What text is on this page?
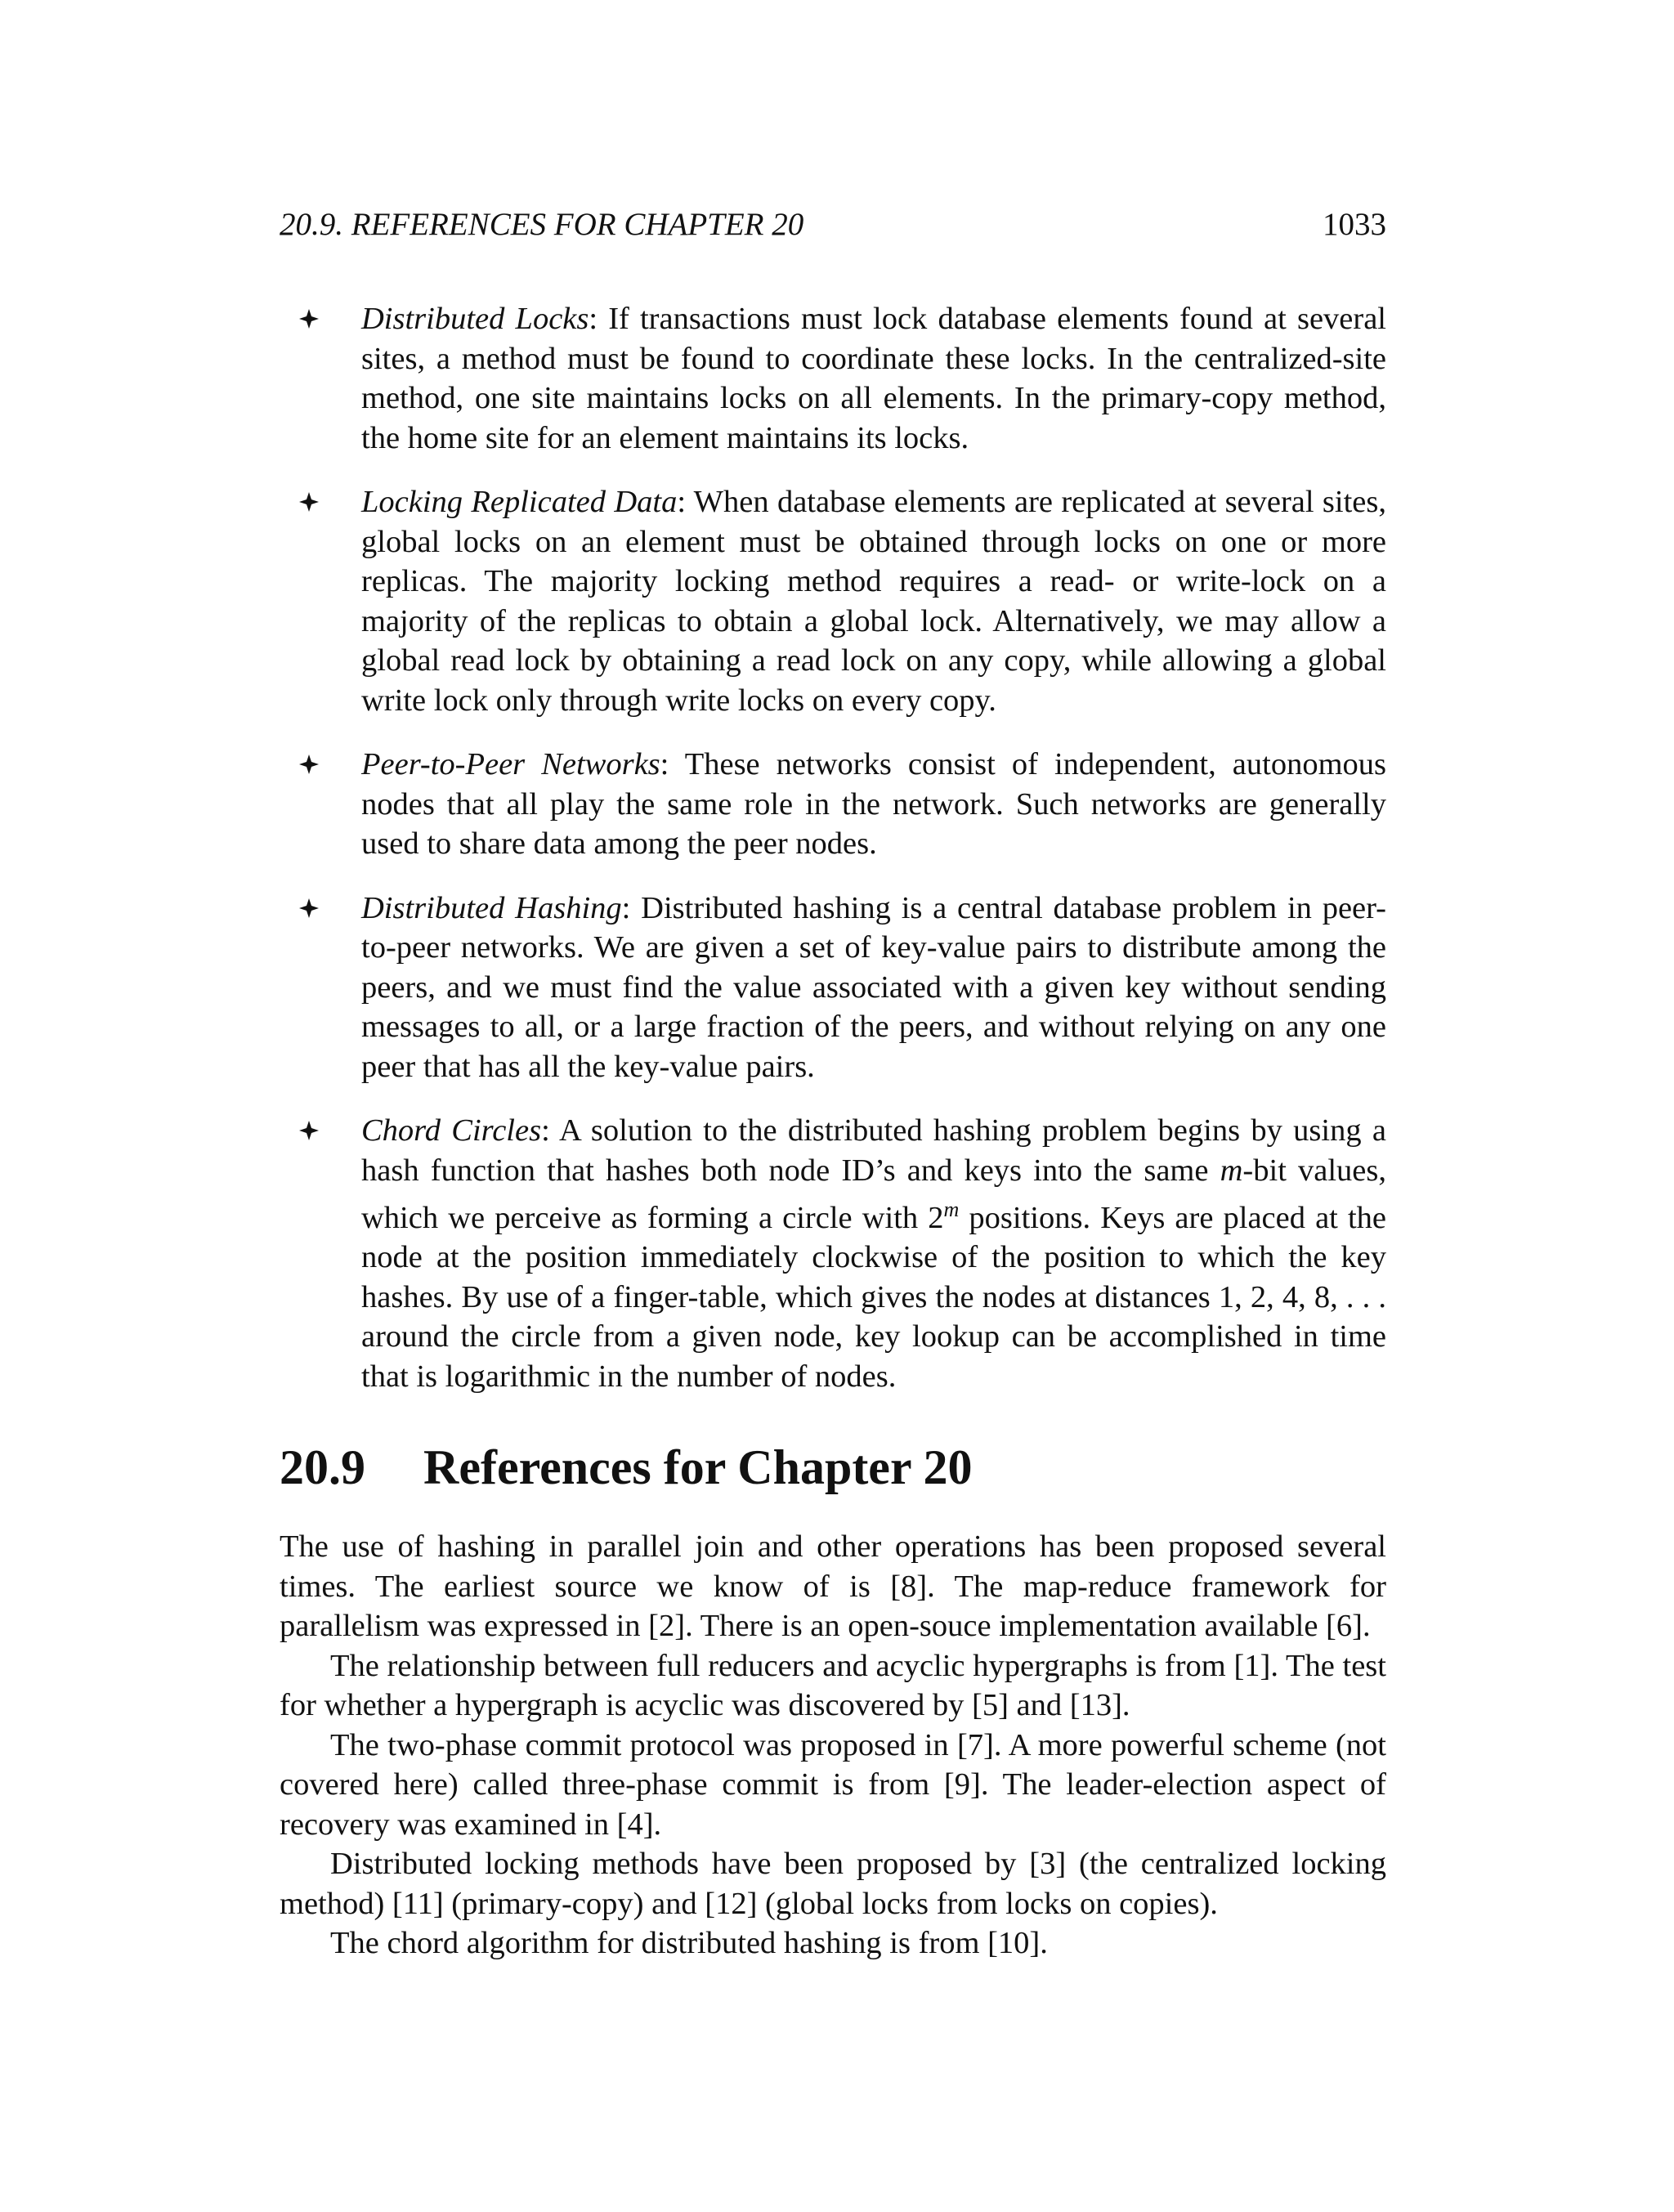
20.9. REFERENCES FOR CHAPTER 20	1033
Distributed Locks: If transactions must lock database elements found at several sites, a method must be found to coordinate these locks. In the centralized-site method, one site maintains locks on all elements. In the primary-copy method, the home site for an element maintains its locks.
Locking Replicated Data: When database elements are replicated at several sites, global locks on an element must be obtained through locks on one or more replicas. The majority locking method requires a read- or write-lock on a majority of the replicas to obtain a global lock. Alternatively, we may allow a global read lock by obtaining a read lock on any copy, while allowing a global write lock only through write locks on every copy.
Peer-to-Peer Networks: These networks consist of independent, autonomous nodes that all play the same role in the network. Such networks are generally used to share data among the peer nodes.
Distributed Hashing: Distributed hashing is a central database problem in peer-to-peer networks. We are given a set of key-value pairs to distribute among the peers, and we must find the value associated with a given key without sending messages to all, or a large fraction of the peers, and without relying on any one peer that has all the key-value pairs.
Chord Circles: A solution to the distributed hashing problem begins by using a hash function that hashes both node ID’s and keys into the same m-bit values, which we perceive as forming a circle with 2$^m$ positions. Keys are placed at the node at the position immediately clockwise of the position to which the key hashes. By use of a finger-table, which gives the nodes at distances 1, 2, 4, 8, . . . around the circle from a given node, key lookup can be accomplished in time that is logarithmic in the number of nodes.
20.9	References for Chapter 20

The use of hashing in parallel join and other operations has been proposed several times. The earliest source we know of is [8]. The map-reduce framework for parallelism was expressed in [2]. There is an open-souce implementation available [6].

The relationship between full reducers and acyclic hypergraphs is from [1]. The test for whether a hypergraph is acyclic was discovered by [5] and [13].

The two-phase commit protocol was proposed in [7]. A more powerful scheme (not covered here) called three-phase commit is from [9]. The leader-election aspect of recovery was examined in [4].

Distributed locking methods have been proposed by [3] (the centralized locking method) [11] (primary-copy) and [12] (global locks from locks on copies).

The chord algorithm for distributed hashing is from [10].
